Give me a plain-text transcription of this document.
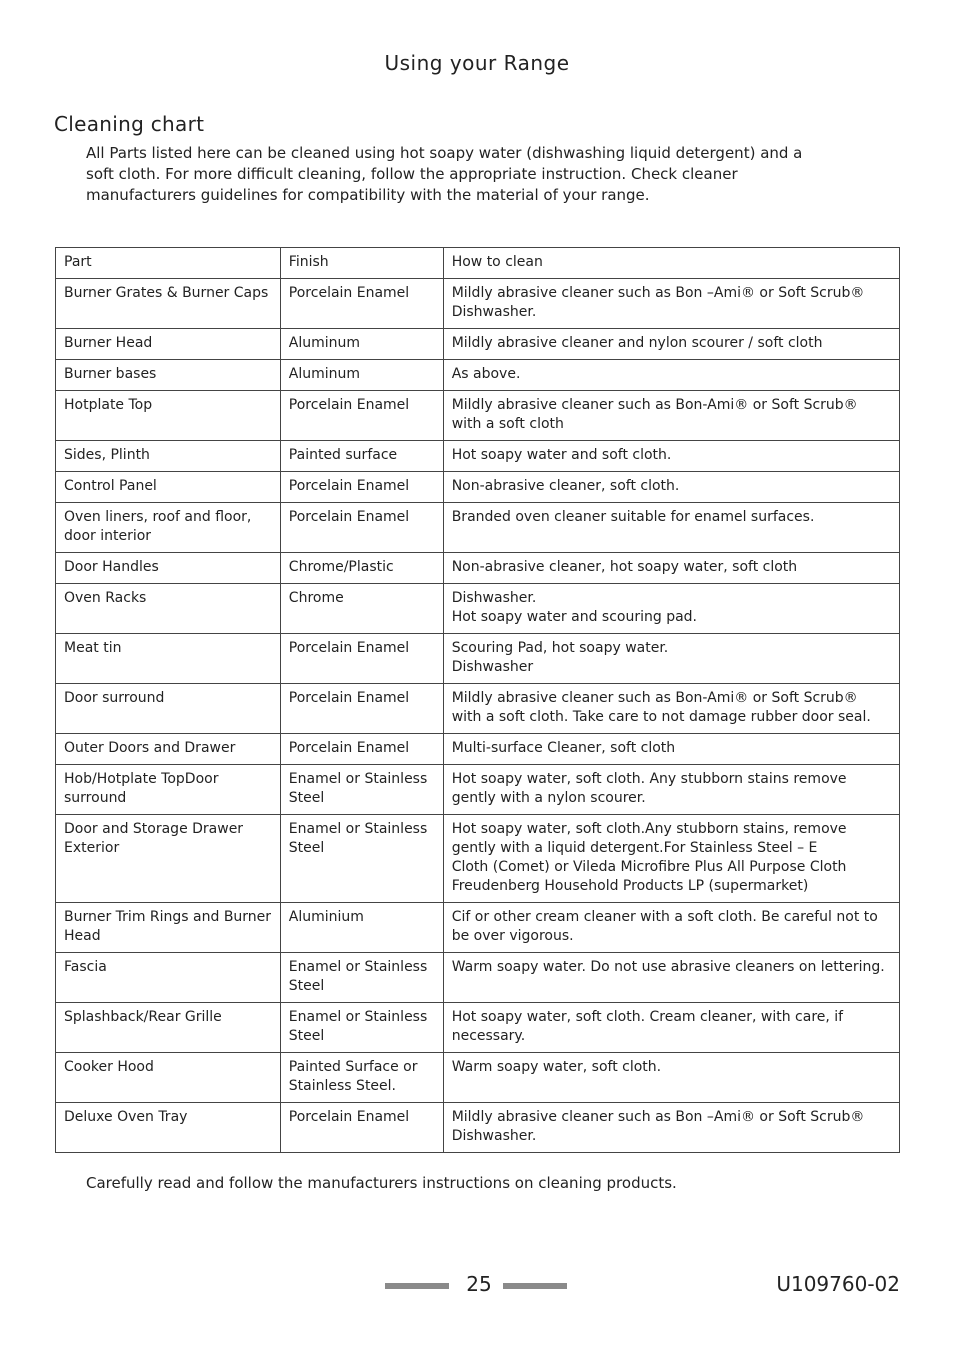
Using your Range
Cleaning chart
All Parts listed here can be cleaned using hot soapy water (dishwashing liquid detergent) and a soft cloth. For more difficult cleaning, follow the appropriate instruction. Check cleaner manufacturers guidelines for compatibility with the material of your range.
Part	Finish	How to clean
Burner Grates & Burner Caps	Porcelain Enamel	Mildly abrasive cleaner such as Bon –Ami® or Soft Scrub®
Dishwasher.
Burner Head	Aluminum	Mildly abrasive cleaner and nylon scourer / soft cloth
Burner bases	Aluminum	As above.
Hotplate Top	Porcelain Enamel	Mildly abrasive cleaner such as Bon-Ami® or Soft Scrub®
with a soft cloth
Sides, Plinth	Painted surface	Hot soapy water and soft cloth.
Control Panel	Porcelain Enamel	Non-abrasive cleaner, soft cloth.
Oven liners, roof and floor, door interior	Porcelain Enamel	Branded oven cleaner suitable for enamel surfaces.
Door Handles	Chrome/Plastic	Non-abrasive cleaner, hot soapy water, soft cloth
Oven Racks	Chrome	Dishwasher.
Hot soapy water and scouring pad.
Meat tin	Porcelain Enamel	Scouring Pad, hot soapy water.
Dishwasher
Door surround	Porcelain Enamel	Mildly abrasive cleaner such as Bon-Ami® or Soft Scrub®
with a soft cloth. Take care to not damage rubber door seal.
Outer Doors and Drawer	Porcelain Enamel	Multi-surface Cleaner, soft cloth
Hob/Hotplate TopDoor surround	Enamel or Stainless Steel	Hot soapy water, soft cloth. Any stubborn stains remove gently with a nylon scourer.
Door and Storage Drawer Exterior	Enamel or Stainless Steel	Hot soapy water, soft cloth.Any stubborn stains, remove
gently with a liquid detergent.For Stainless Steel – E
Cloth (Comet) or Vileda Microfibre Plus All Purpose Cloth
Freudenberg Household Products LP (supermarket)
Burner Trim Rings and Burner Head	Aluminium	Cif or other cream cleaner with a soft cloth. Be careful not to be over vigorous.
Fascia	Enamel or Stainless Steel	Warm soapy water. Do not use abrasive cleaners on lettering.
Splashback/Rear Grille	Enamel or Stainless Steel	Hot soapy water, soft cloth. Cream cleaner, with care, if necessary.
Cooker Hood	Painted Surface or Stainless Steel.	Warm soapy water, soft cloth.
Deluxe Oven Tray	Porcelain Enamel	Mildly abrasive cleaner such as Bon –Ami® or Soft Scrub®
Dishwasher.
Carefully read and follow the manufacturers instructions on cleaning products.
25	U109760-02
